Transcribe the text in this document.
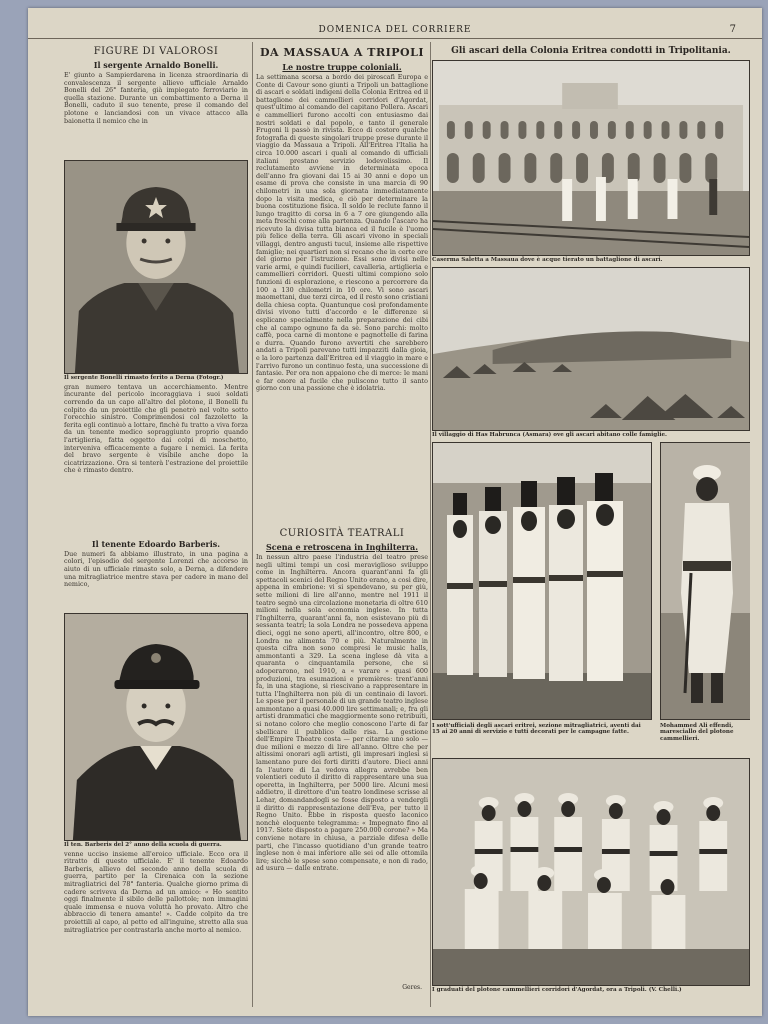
DOMENICA DEL CORRIERE	7
FIGURE DI VALOROSI
Il sergente Arnaldo Bonelli.

E' giunto a Sampierdarena in licenza straordinaria di convalescenza il sergente allievo ufficiale Arnaldo Bonelli del 26° fanteria, già impiegato ferroviario in quella stazione. Durante un combattimento a Derna il Bonelli, caduto il suo tenente, prese il comando del plotone e lanciandosi con un vivace attacco alla baionetta il nemico che in

Il sergente Bonelli rimasto ferito a Derna (Fotogr.)

gran numero tentava un accerchiamento. Mentre incurante del pericolo incoraggiava i suoi soldati correndo da un capo all'altro del plotone, il Bonelli fu colpito da un proiettile che gli penetrò nel volto sotto l'orecchio sinistro. Comprimendosi col fazzoletto la ferita egli continuò a lottare, finchè fu tratto a viva forza da un tenente medico sopraggiunto proprio quando l'artiglieria, fatta oggetto dai colpi di moschetto, interveniva efficacemente a fugare i nemici. La ferita del bravo sergente è visibile anche dopo la cicatrizzazione. Ora si tenterà l'estrazione del proiettile che è rimasto dentro.

Il tenente Edoardo Barberis.

Due numeri fa abbiamo illustrato, in una pagina a colori, l'episodio del sergente Lorenzi che accorso in aiuto di un ufficiale rimasto solo, a Derna, a difendere una mitragliatrice mentre stava per cadere in mano del nemico,

Il ten. Barberis del 2° anno della scuola di guerra.

venne ucciso insieme all'eroico ufficiale. Ecco ora il ritratto di questo ufficiale. E' il tenente Edoardo Barberis, allievo del secondo anno della scuola di guerra, partito per la Cirenaica con la sezione mitragliatrici del 78° fanteria. Qualche giorno prima di cadere scriveva da Derna ad un amico: « Ho sentito oggi finalmente il sibilo delle pallottole; non immagini quale immensa e nuova voluttà ho provato. Altro che abbraccio di tenera amante! ». Cadde colpito da tre proiettili al capo, al petto ed all'inguine, stretto alla sua mitragliatrice per contrastarla anche morto al nemico.

DA MASSAUA A TRIPOLI
Le nostre truppe coloniali.

La settimana scorsa a bordo dei piroscafi Europa e Conte di Cavour sono giunti a Tripoli un battaglione di ascari e soldati indigeni della Colonia Eritrea ed il battaglione dei cammellieri corridori d'Agordat, quest'ultimo al comando del capitano Pollera. Ascari e cammellieri furono accolti con entusiasmo dai nostri soldati e dal popolo, e tanto il generale Frugoni li passò in rivista. Ecco di costoro qualche fotografia di queste singolari truppe prese durante il viaggio da Massaua a Tripoli. All'Eritrea l'Italia ha circa 10.000 ascari i quali al comando di ufficiali italiani prestano servizio lodevolissimo. Il reclutamento avviene in determinata epoca dell'anno fra giovani dai 15 ai 30 anni e dopo un esame di prova che consiste in una marcia di 90 chilometri in una sola giornata immediatamente dopo la visita medica, e ciò per determinare la buona costituzione fisica. Il soldo le reclute fanno il lungo tragitto di corsa in 6 a 7 ore giungendo alla meta freschi come alla partenza. Quando l'ascaro ha ricevuto la divisa tutta bianca ed il fucile è l'uomo più felice della terra. Gli ascari vivono in speciali villaggi, dentro angusti tucul, insieme alle rispettive famiglie; nei quartieri non si recano che in certe ore del giorno per l'istruzione. Essi sono divisi nelle varie armi, e quindi fucilieri, cavalleria, artiglieria e cammellieri corridori. Questi ultimi compiono solo funzioni di esplorazione, e riescono a percorrere da 100 a 130 chilometri in 10 ore. Vi sono ascari maomettani, due terzi circa, ed il resto sono cristiani della chiesa copta. Quantunque così profondamente divisi vivono tutti d'accordo e le differenze si esplicano specialmente nella preparazione dei cibi che al campo ognuno fa da sè. Sono parchi: molto caffè, poca carne di montone e pagnottelle di farina e durra. Quando furono avvertiti che sarebbero andati a Tripoli parevano tutti impazziti dalla gioia, e la loro partenza dall'Eritrea ed il viaggio in mare e l'arrivo furono un continuo festa, una successione di fantasie. Per ora non appaiono che di merce: le mani e far onore al fucile che puliscono tutto il santo giorno con una passione che è idolatria.

CURIOSITÀ TEATRALI
Scena e retroscena in Inghilterra.

In nessun altro paese l'industria del teatro prese negli ultimi tempi un così meraviglioso sviluppo come in Inghilterra. Ancora quarant'anni fa gli spettacoli scenici del Regno Unito erano, a così dire, appena in embrione: vi si spendevano, su per giù, sette milioni di lire all'anno, mentre nel 1911 il teatro segnò una circolazione monetaria di oltre 610 milioni nella sola economia inglese. In tutta l'Inghilterra, quarant'anni fa, non esistevano più di sessanta teatri; la sola Londra ne possedeva appena dieci, oggi ne sono aperti, all'incontro, oltre 800, e Londra ne alimenta 70 e più. Naturalmente in questa cifra non sono compresi le music halls, ammontanti a 329. La scena inglese dà vita a quaranta o cinquantamila persone, che si adoperarono, nel 1910, a « varare » quasi 600 produzioni, tra esumazioni e premières: trent'anni fa, in una stagione, si riescivano a rappresentare in tutta l'Inghilterra non più di un centinaio di lavori. Le spese per il personale di un grande teatro inglese ammontano a quasi 40.000 lire settimanali; e, fra gli artisti drammatici che maggiormente sono retribuiti, si notano coloro che meglio conoscono l'arte di far sbellicare il pubblico dalle risa. La gestione dell'Empire Theatre costa — per citarne uno solo — due milioni e mezzo di lire all'anno. Oltre che per altissimi onorari agli artisti, gli impresari inglesi si lamentano pure dei forti diritti d'autore. Dieci anni fa l'autore di La vedova allegra avrebbe ben volentieri ceduto il diritto di rappresentare una sua operetta, in Inghilterra, per 5000 lire. Alcuni mesi addietro, il direttore d'un teatro londinese scrisse al Lehar, domandandogli se fosse disposto a vendergli il diritto di rappresentazione dell'Eva, per tutto il Regno Unito. Ebbe in risposta questo laconico nonchè eloquente telegramma: « Impegnato fino al 1917. Siete disposto a pagare 250.000 corone? » Ma conviene notare in chiusa, a parziale difesa delle parti, che l'incasso quotidiano d'un grande teatro inglese non è mai inferiore alle sei od alle ottomila lire; sicchè le spese sono compensate, e non di rado, ad usura — dalle entrate.

Geres.
Gli ascari della Colonia Eritrea condotti in Tripolitania.
Caserma Saletta a Massaua dove è acque tierato un battaglione di ascari.
Il villaggio di Has Habrunca (Asmara) ove gli ascari abitano colle famiglie.
I sott'ufficiali degli ascari eritrei, sezione mitragliatrici, aventi dai 15 ai 20 anni di servizio e tutti decorati per le campagne fatte.
Mohammed Ali effendi, maresciallo del plotone cammellieri.
I graduati del plotone cammellieri corridori d'Agordat, ora a Tripoli. (V. Chelli.)
